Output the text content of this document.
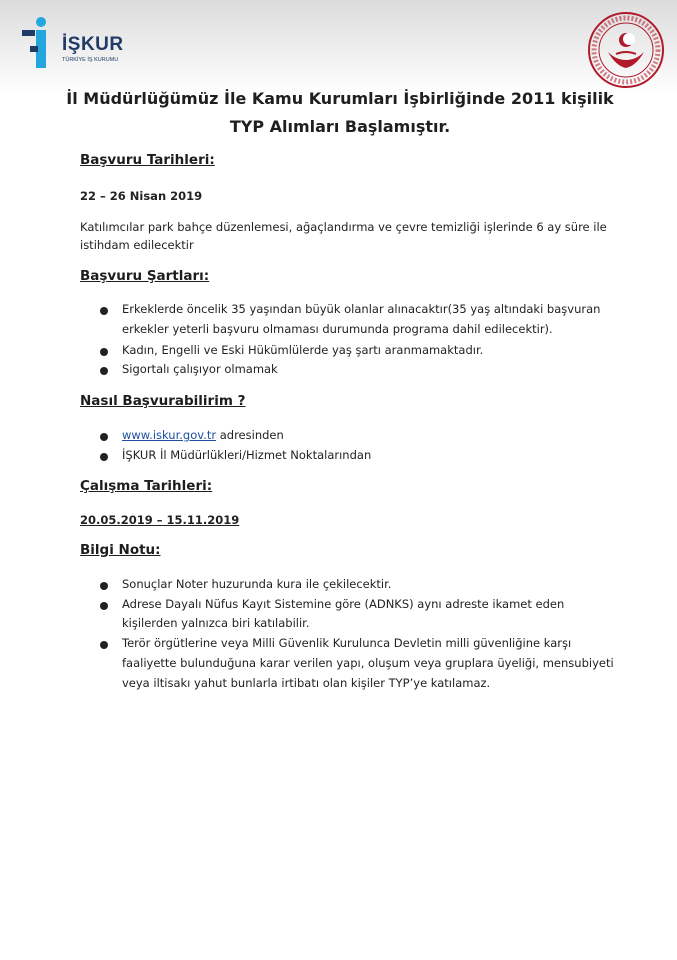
İŞKUR
TÜRKİYE İŞ KURUMU
İl Müdürlüğümüz İle Kamu Kurumları İşbirliğinde 2011 kişilik
TYP Alımları Başlamıştır.
Başvuru Tarihleri:
22 – 26 Nisan 2019
Katılımcılar park bahçe düzenlemesi, ağaçlandırma ve çevre temizliği işlerinde 6 ay süre ile
istihdam edilecektir
Başvuru Şartları:
Erkeklerde öncelik 35 yaşından büyük olanlar alınacaktır(35 yaş altındaki başvuran
erkekler yeterli başvuru olmaması durumunda programa dahil edilecektir).
Kadın, Engelli ve Eski Hükümlülerde yaş şartı aranmamaktadır.
Sigortalı çalışıyor olmamak
Nasıl Başvurabilirim ?
www.iskur.gov.tr adresinden
İŞKUR İl Müdürlükleri/Hizmet Noktalarından
Çalışma Tarihleri:
20.05.2019 – 15.11.2019
Bilgi Notu:
Sonuçlar Noter huzurunda kura ile çekilecektir.
Adrese Dayalı Nüfus Kayıt Sistemine göre (ADNKS) aynı adreste ikamet eden
kişilerden yalnızca biri katılabilir.
Terör örgütlerine veya Milli Güvenlik Kurulunca Devletin milli güvenliğine karşı
faaliyette bulunduğuna karar verilen yapı, oluşum veya gruplara üyeliği, mensubiyeti
veya iltisakı yahut bunlarla irtibatı olan kişiler TYP’ye katılamaz.
